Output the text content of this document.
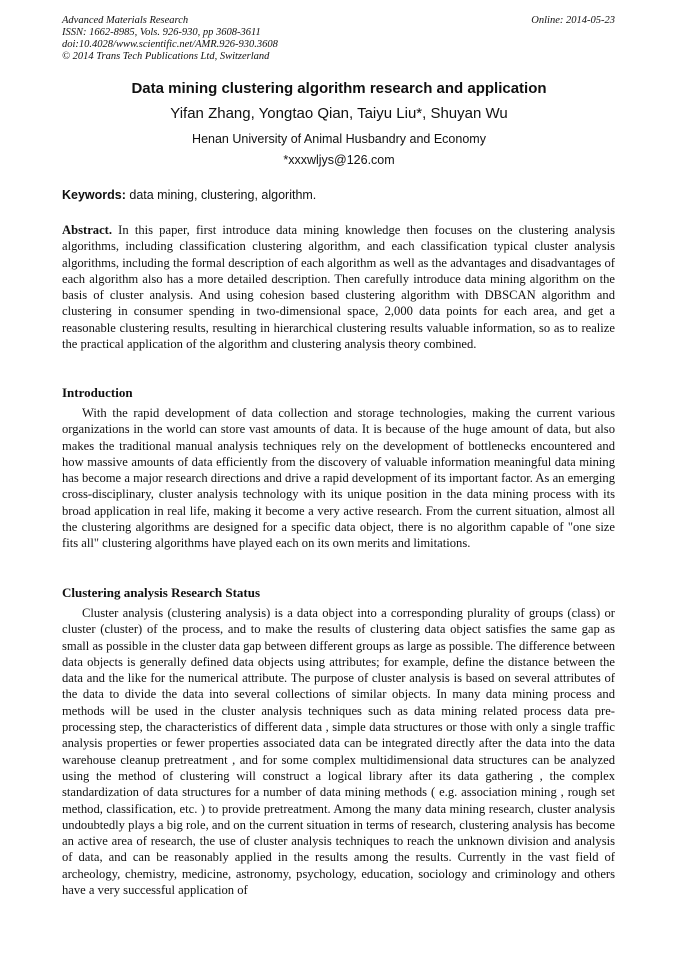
Advanced Materials Research
ISSN: 1662-8985, Vols. 926-930, pp 3608-3611
doi:10.4028/www.scientific.net/AMR.926-930.3608
© 2014 Trans Tech Publications Ltd, Switzerland
Online: 2014-05-23
Data mining clustering algorithm research and application
Yifan Zhang, Yongtao Qian, Taiyu Liu*, Shuyan Wu
Henan University of Animal Husbandry and Economy
*xxxwljys@126.com
Keywords: data mining, clustering, algorithm.
Abstract. In this paper, first introduce data mining knowledge then focuses on the clustering analysis algorithms, including classification clustering algorithm, and each classification typical cluster analysis algorithms, including the formal description of each algorithm as well as the advantages and disadvantages of each algorithm also has a more detailed description. Then carefully introduce data mining algorithm on the basis of cluster analysis. And using cohesion based clustering algorithm with DBSCAN algorithm and clustering in consumer spending in two-dimensional space, 2,000 data points for each area, and get a reasonable clustering results, resulting in hierarchical clustering results valuable information, so as to realize the practical application of the algorithm and clustering analysis theory combined.
Introduction
With the rapid development of data collection and storage technologies, making the current various organizations in the world can store vast amounts of data. It is because of the huge amount of data, but also makes the traditional manual analysis techniques rely on the development of bottlenecks encountered and how massive amounts of data efficiently from the discovery of valuable information meaningful data mining has become a major research directions and drive a rapid development of its important factor. As an emerging cross-disciplinary, cluster analysis technology with its unique position in the data mining process with its broad application in real life, making it become a very active research. From the current situation, almost all the clustering algorithms are designed for a specific data object, there is no algorithm capable of "one size fits all" clustering algorithms have played each on its own merits and limitations.
Clustering analysis Research Status
Cluster analysis (clustering analysis) is a data object into a corresponding plurality of groups (class) or cluster (cluster) of the process, and to make the results of clustering data object satisfies the same gap as small as possible in the cluster data gap between different groups as large as possible. The difference between data objects is generally defined data objects using attributes; for example, define the distance between the data and the like for the numerical attribute. The purpose of cluster analysis is based on several attributes of the data to divide the data into several collections of similar objects. In many data mining process and methods will be used in the cluster analysis techniques such as data mining related process data pre-processing step, the characteristics of different data , simple data structures or those with only a single traffic analysis properties or fewer properties associated data can be integrated directly after the data into the data warehouse cleanup pretreatment , and for some complex multidimensional data structures can be analyzed using the method of clustering will construct a logical library after its data gathering , the complex standardization of data structures for a number of data mining methods ( e.g. association mining , rough set method, classification, etc. ) to provide pretreatment. Among the many data mining research, cluster analysis undoubtedly plays a big role, and on the current situation in terms of research, clustering analysis has become an active area of research, the use of cluster analysis techniques to reach the unknown division and analysis of data, and can be reasonably applied in the results among the results. Currently in the vast field of archeology, chemistry, medicine, astronomy, psychology, education, sociology and criminology and others have a very successful application of
